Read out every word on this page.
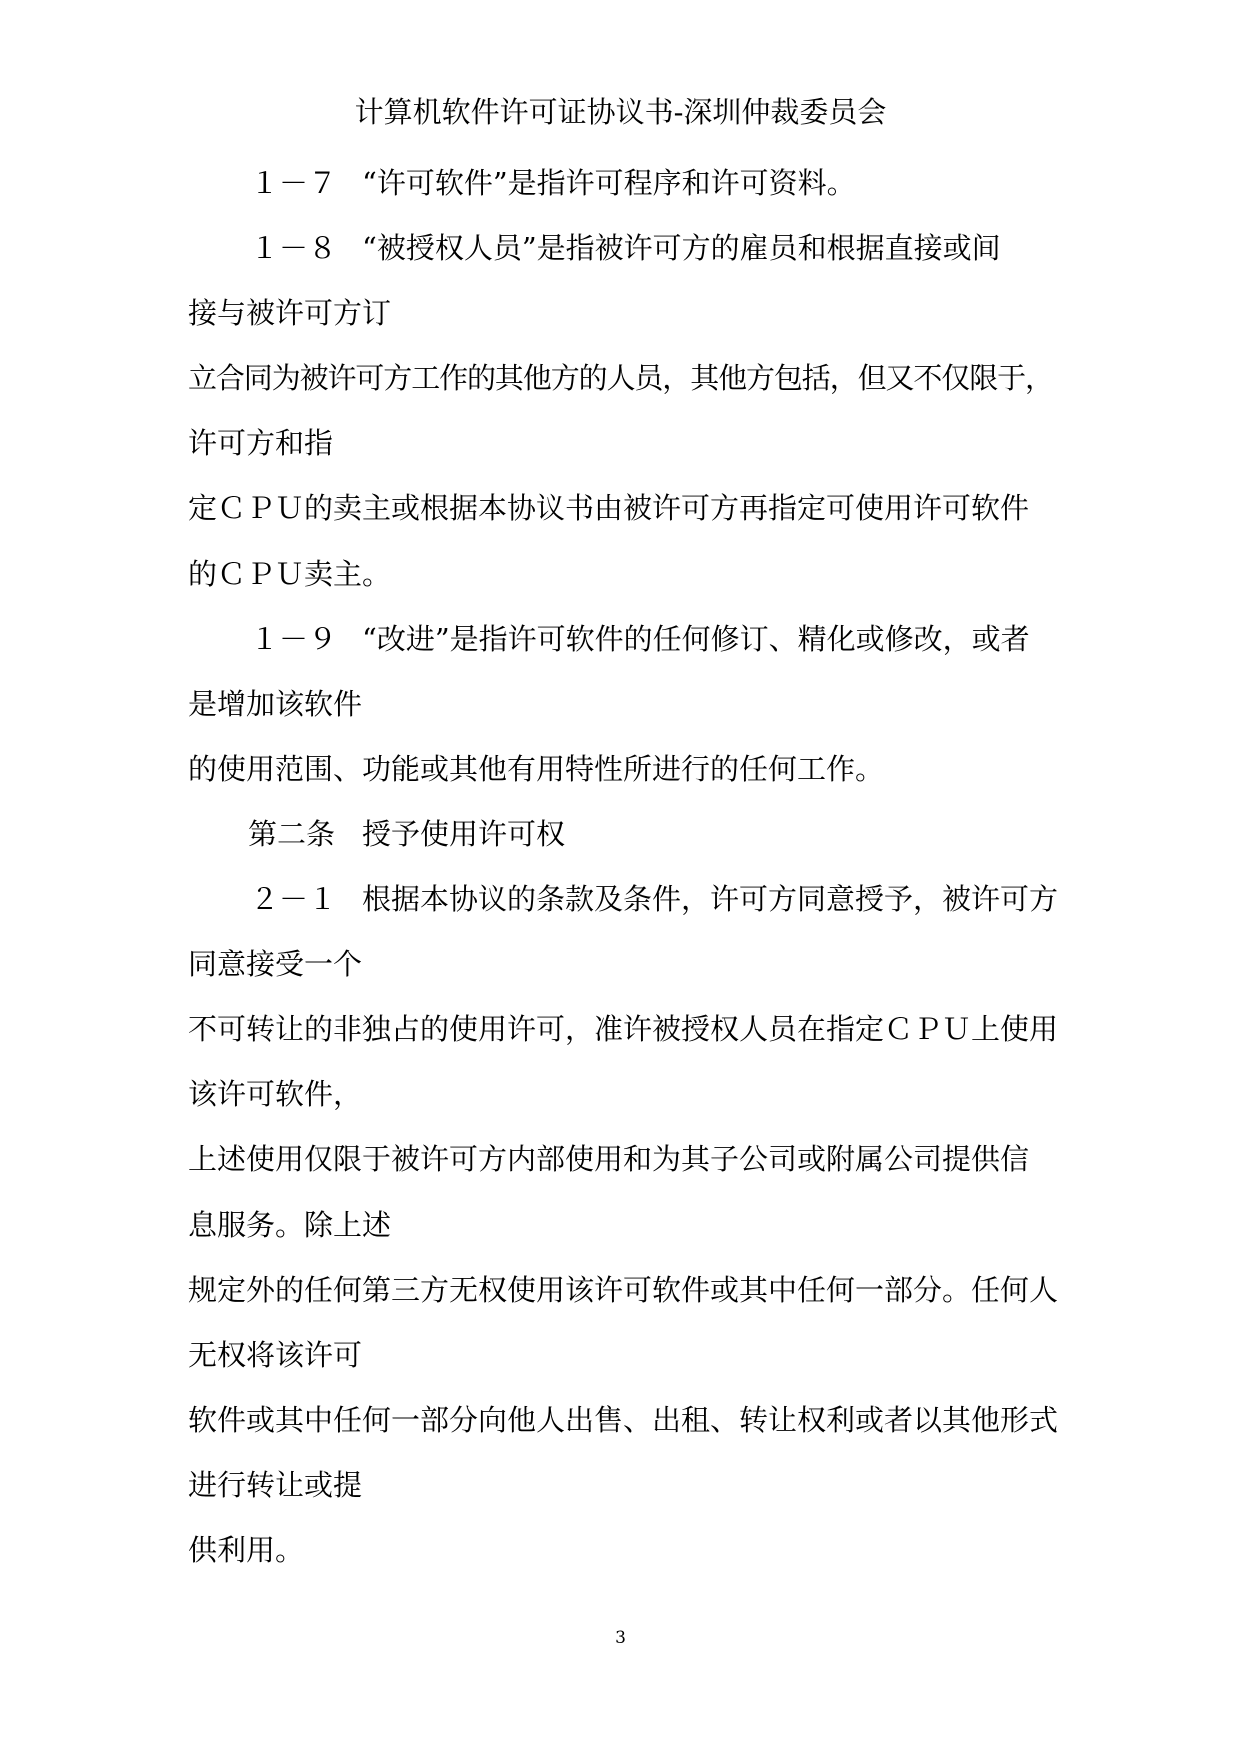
计算机软件许可证协议书-深圳仲裁委员会
１－７ “许可软件”是指许可程序和许可资料。
１－８ “被授权人员”是指被许可方的雇员和根据直接或间
接与被许可方订
立合同为被许可方工作的其他方的人员，其他方包括，但又不仅限于，
许可方和指
定ＣＰＵ的卖主或根据本协议书由被许可方再指定可使用许可软件
的ＣＰＵ卖主。
１－９ “改进”是指许可软件的任何修订、精化或修改，或者
是增加该软件
的使用范围、功能或其他有用特性所进行的任何工作。
第二条 授予使用许可权
２－１ 根据本协议的条款及条件，许可方同意授予，被许可方
同意接受一个
不可转让的非独占的使用许可，准许被授权人员在指定ＣＰＵ上使用
该许可软件，
上述使用仅限于被许可方内部使用和为其子公司或附属公司提供信
息服务。除上述
规定外的任何第三方无权使用该许可软件或其中任何一部分。任何人
无权将该许可
软件或其中任何一部分向他人出售、出租、转让权利或者以其他形式
进行转让或提
供利用。
3
